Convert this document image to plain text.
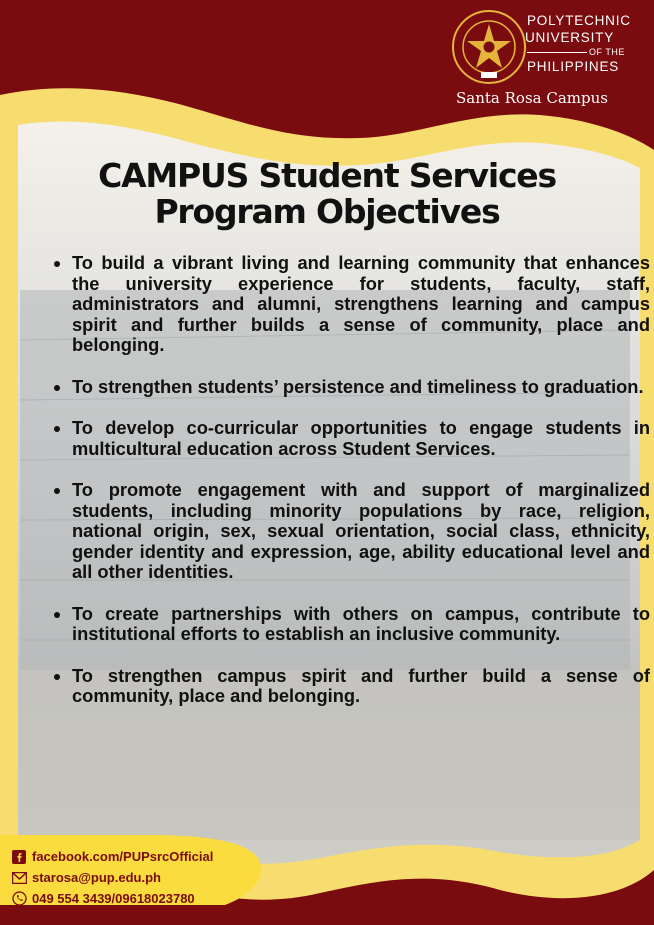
POLYTECHNIC
UNIVERSITY
OF THE
PHILIPPINES
Santa Rosa Campus
CAMPUS Student Services
Program Objectives
• To build a vibrant living and learning community that enhances the university experience for students, faculty, staff, administrators and alumni, strengthens learning and campus spirit and further builds a sense of community, place and belonging.
• To strengthen students’ persistence and timeliness to graduation.
• To develop co-curricular opportunities to engage students in multicultural education across Student Services.
• To promote engagement with and support of marginalized students, including minority populations by race, religion, national origin, sex, sexual orientation, social class, ethnicity, gender identity and expression, age, ability educational level and all other identities.
• To create partnerships with others on campus, contribute to institutional efforts to establish an inclusive community.
• To strengthen campus spirit and further build a sense of community, place and belonging.
facebook.com/PUPsrcOfficial
starosa@pup.edu.ph
049 554 3439/09618023780
